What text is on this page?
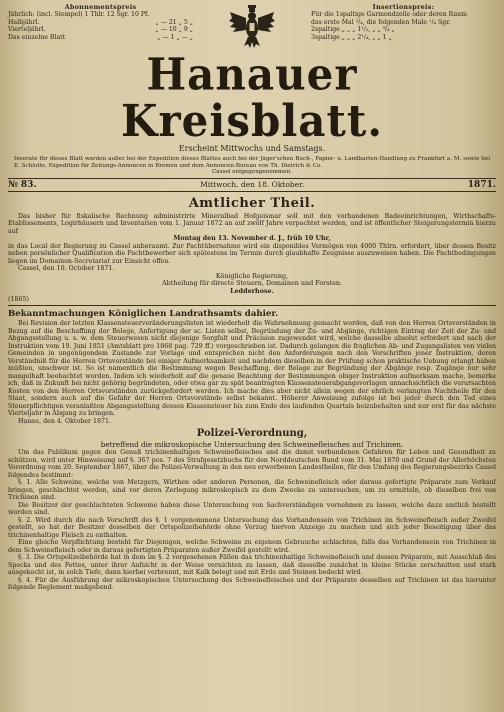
Abonnementspreis
Jährlich: (incl. Stempel) 1 Thlr. 12 Sgr. 10 Pf.
Halbjährl.	„ — 21 „ 5 „
Vierteljährl.	„ — 10 „ 9 „
Das einzelne Blatt	„ — 1 „ — „
Insertionspreis:
Für die 1spaltige Garmondzeile oder deren Raum
das erste Mal ²/₄, die folgenden Male ¹/₄ Sgr.
2spaltige „ „ „ 1¹/₂, „ „ ³/₄ „
3spaltige „ „ „ 2¹/₄, „ „ 1 „
Hanauer Kreisblatt.
Erscheint Mittwochs und Samstags.
Inserate für dieses Blatt werden außer bei der Expedition dieses Blattes auch bei der Jäger'schen Buch-, Papier- u. Landkarten-Handlung zu Frankfurt a. M. sowie bei E. Schlotte, Expedition für Zeitungs-Annoncen in Bremen und dem Annoncen-Bureau von Th. Dietrich & Co.
Cassel entgegengenommen.
№ 83.	Mittwoch, den 18. Oktober.	1871.
Amtlicher Theil.
Das bisher für fiskalische Rechnung administrirte Mineralbad Hofgeismar soll mit den vorhandenen Badeeinrichtungen, Wirthschafts-Etablissements, Logirhäusern und Inventarien vom 1. Januar 1872 an auf zwölf Jahre verpachtet werden, und ist öffentlicher Steigerungstermin hierzu auf
Montag den 13. November d. J., früh 10 Uhr,
in das Local der Regierung zu Cassel anberaumt. Zur Pachtübernahme wird ein disponibles Vermögen von 4000 Thlrn. erfordert, über dessen Besitz neben persönlicher Qualification die Pachtbewerber sich spätestens im Termin durch glaubhafte Zeugnisse auszuweisen haben. Die Pachtbedingungen liegen im Domainen-Secretariat zur Einsicht offen.
Cassel, den 10. October 1871.
Königliche Regierung,
Abtheilung für directe Steuern, Domainen und Forsten.
Ledderhose.
(1865)
Bekanntmachungen Königlichen Landrathsamts dahier.
Bei Revision der letzten Klassensteuerveränderungslisten ist wiederholt die Wahrnehmung gemacht worden, daß von den Herren Ortsvorständen in Bezug auf die Beschaffung der Belege, Anfertigung der sc. Listen selbst, Begründung der Zu- und Abgänge, richtigen Eintrag der Zeit der Zu- und Abgangsstellung u. s. w. dem Steuerwesen nicht diejenige Sorgfalt und Präcision zugewendet wird, welche dasselbe absolut erfordert und nach der Instruktion vom 19. Juni 1851 (Amtsblatt pro 1868 pag. 729 ff.) vorgeschrieben ist. Dadurch gelangen die fraglichen Ab- und Zugangslisten von vielen Gemeinden in ungenügendem Zustande zur Vorlage und entsprechen nicht den Anforderungen nach den Vorschriften jener Instruktion, deren Verständniß für die Herren Ortsvorstände bei einiger Aufmerksamkeit und nachdem dieselben in der Prüfung schon praktische Uebung erlangt haben müßten, unschwer ist. So ist namentlich die Bestimmung wegen Beschaffung, der Belage zur Begründung der Abgänge resp. Zugänge nur sehr mangelhaft beobachtet worden. Indem ich wiederholt auf die genaue Beachtung der Bestimmungen obiger Instruktion aufmerksam mache, bemerke ich, daß in Zukunft bei nicht gehörig begründeten, oder etwa gar zu spät beantragten Klassensteuerabgangsvorlagen unnachsichtlich die verursachten Kosten von den Herren Ortsvorständen zurückgefordert werden. Ich mache dies aber nicht allein wegen der ehrlich verlangten Nachtheile für den Staat, sondern auch auf die Gefahr der Herren Ortsvorstände selbst bekannt. Höherer Anweisung zufolge ist bei jeder durch den Tod eines Steuerpflichtigen veranlaßten Abgangsstellung dessen Klassensteuer bis zum Ende des laufenden Quartals beizubehalten und nur erst für das nächste Vierteljahr in Abgang zu bringen.
Hanau, den 4. Oktober 1871.
Polizei-Verordnung,
betreffend die mikroskopische Untersuchung des Schweinefleisches auf Trichinen.
Um das Publikum gegen den Genuß trichinenhaltigen Schweinefleisches und die damit verbundenen Gefahren für Leben und Gesundheit zu schützen, wird unter Hinweisung auf §. 367 pos. 7 des Strafgesetzbuchs für den Norddeutschen Bund vom 31. Mai 1870 und Grund der Allerhöchsten Verordnung vom 20. September 1867, über die Polizei-Verwaltung in den neu erworbenen Landestheilen, für den Umfang des Regierungsbezirks Cassel folgendes bestimmt:
§. 1. Alle Schweine, welche von Metzgern, Wirthen oder anderen Personen, die Schweinefleisch oder daraus gefertigte Präparate zum Verkauf bringen, geschlachtet werden, sind vor deren Zerlegung mikroskopisch zu dem Zwecke zu untersuchen, um zu ermitteln, ob dieselben frei von Trichinen sind.
Die Besitzer der geschlachteten Schweine haben diese Untersuchung von Sachverständigen vornehmen zu lassen, welche dazu amtlich bestellt worden sind.
§. 2. Wird durch die nach Vorschrift des §. 1 vorgenommene Untersuchung das Vorhandensein von Trichinen im Schweinefleisch außer Zweifel gestellt, so hat der Besitzer desselben der Ortspolizeibehörde ohne Verzug hiervon Anzeige zu machen und sich jeder Beseitigung über das trichinenhaltige Fleisch zu enthalten.
Eine gleiche Verpflichtung besteht für Diejenigen, welche Schweine zu eigenem Gebrauche schlachten, falls das Vorhandensein von Trichinen in dem Schweinefleisch oder in daraus gefertigten Präparaten außer Zweifel gestellt wird.
§. 3. Die Ortspolizeibehörde hat in dem im §. 2 vorgesehenen Fällen das trichinenhaltige Schweinefleisch und dessen Präparate, mit Ausschluß des Specks und des Fettes, unter ihrer Aufsicht in der Weise vernichten zu lassen, daß dasselbe zunächst in kleine Stücke zerschnitten und stark ausgekocht ist, in solch Tiefe, dann hierbei verbrennt, mit Kalk belegt und mit Erde und Steinen bedeckt wird.
§. 4. Für die Ausführung der mikroskopischen Untersuchung des Schweinefleisches und der Präparate desselben auf Trichinen ist das hierunter folgende Reglement maßgebend.
